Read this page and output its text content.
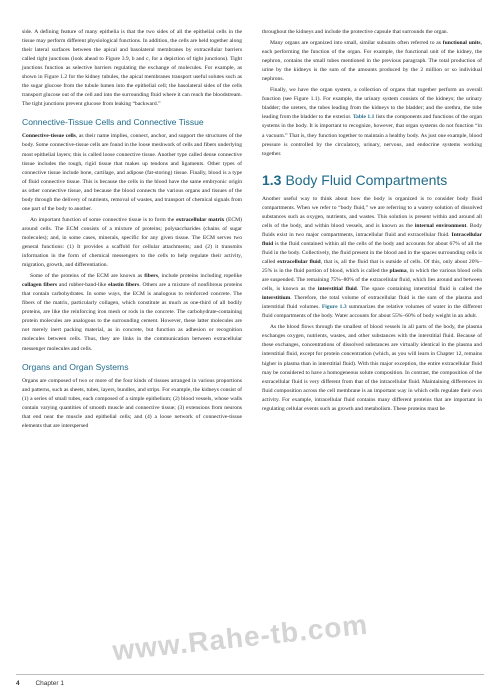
side. A defining feature of many epithelia is that the two sides of all the epithelial cells in the tissue may perform different physiological functions. In addition, the cells are held together along their lateral surfaces between the apical and basolateral membranes by extracellular barriers called tight junctions (look ahead to Figure 3.9, b and c, for a depiction of tight junctions). Tight junctions function as selective barriers regulating the exchange of molecules. For example, as shown in Figure 1.2 for the kidney tubules, the apical membranes transport useful solutes such as the sugar glucose from the tubule lumen into the epithelial cell; the basolateral sides of the cells transport glucose out of the cell and into the surrounding fluid where it can reach the bloodstream. The tight junctions prevent glucose from leaking “backward.”

Connective-Tissue Cells and Connective Tissue

Connective-tissue cells, as their name implies, connect, anchor, and support the structures of the body. Some connective-tissue cells are found in the loose meshwork of cells and fibers underlying most epithelial layers; this is called loose connective tissue. Another type called dense connective tissue includes the tough, rigid tissue that makes up tendons and ligaments. Other types of connective tissue include bone, cartilage, and adipose (fat-storing) tissue. Finally, blood is a type of fluid connective tissue. This is because the cells in the blood have the same embryonic origin as other connective tissue, and because the blood connects the various organs and tissues of the body through the delivery of nutrients, removal of wastes, and transport of chemical signals from one part of the body to another.

An important function of some connective tissue is to form the extracellular matrix (ECM) around cells. The ECM consists of a mixture of proteins; polysaccharides (chains of sugar molecules); and, in some cases, minerals, specific for any given tissue. The ECM serves two general functions: (1) It provides a scaffold for cellular attachments; and (2) it transmits information in the form of chemical messengers to the cells to help regulate their activity, migration, growth, and differentiation.

Some of the proteins of the ECM are known as fibers, include proteins including ropelike collagen fibers and rubber-band-like elastin fibers. Others are a mixture of nonfibrous proteins that contain carbohydrates. In some ways, the ECM is analogous to reinforced concrete. The fibers of the matrix, particularly collagen, which constitute as much as one-third of all bodily proteins, are like the reinforcing iron mesh or rods in the concrete. The carbohydrate-containing protein molecules are analogous to the surrounding cement. However, these latter molecules are not merely inert packing material, as in concrete, but function as adhesion or recognition molecules between cells. Thus, they are links in the communication between extracellular messenger molecules and cells.

Organs and Organ Systems

Organs are composed of two or more of the four kinds of tissues arranged in various proportions and patterns, such as sheets, tubes, layers, bundles, and strips. For example, the kidneys consist of (1) a series of small tubes, each composed of a simple epithelium; (2) blood vessels, whose walls contain varying quantities of smooth muscle and connective tissue; (3) extensions from neurons that end near the muscle and epithelial cells; and (4) a loose network of connective-tissue elements that are interspersed

throughout the kidneys and include the protective capsule that surrounds the organ.

Many organs are organized into small, similar subunits often referred to as functional units, each performing the function of the organ. For example, the functional unit of the kidney, the nephron, contains the small tubes mentioned in the previous paragraph. The total production of urine by the kidneys is the sum of the amounts produced by the 2 million or so individual nephrons.

Finally, we have the organ system, a collection of organs that together perform an overall function (see Figure 1.1). For example, the urinary system consists of the kidneys; the urinary bladder; the ureters, the tubes leading from the kidneys to the bladder; and the urethra, the tube leading from the bladder to the exterior. Table 1.1 lists the components and functions of the organ systems in the body. It is important to recognize, however, that organ systems do not function “in a vacuum.” That is, they function together to maintain a healthy body. As just one example, blood pressure is controlled by the circulatory, urinary, nervous, and endocrine systems working together.

1.3 Body Fluid Compartments

Another useful way to think about how the body is organized is to consider body fluid compartments. When we refer to “body fluid,” we are referring to a watery solution of dissolved substances such as oxygen, nutrients, and wastes. This solution is present within and around all cells of the body, and within blood vessels, and is known as the internal environment. Body fluids exist in two major compartments, intracellular fluid and extracellular fluid. Intracellular fluid is the fluid contained within all the cells of the body and accounts for about 67% of all the fluid in the body. Collectively, the fluid present in the blood and in the spaces surrounding cells is called extracellular fluid, that is, all the fluid that is outside of cells. Of this, only about 20%–25% is in the fluid portion of blood, which is called the plasma, in which the various blood cells are suspended. The remaining 75%–80% of the extracellular fluid, which lies around and between cells, is known as the interstitial fluid. The space containing interstitial fluid is called the interstitium. Therefore, the total volume of extracellular fluid is the sum of the plasma and interstitial fluid volumes. Figure 1.3 summarizes the relative volumes of water in the different fluid compartments of the body. Water accounts for about 55%–60% of body weight in an adult.

As the blood flows through the smallest of blood vessels in all parts of the body, the plasma exchanges oxygen, nutrients, wastes, and other substances with the interstitial fluid. Because of these exchanges, concentrations of dissolved substances are virtually identical in the plasma and interstitial fluid, except for protein concentration (which, as you will learn in Chapter 12, remains higher in plasma than in interstitial fluid). With this major exception, the entire extracellular fluid may be considered to have a homogeneous solute composition. In contrast, the composition of the extracellular fluid is very different from that of the intracellular fluid. Maintaining differences in fluid composition across the cell membrane is an important way in which cells regulate their own activity. For example, intracellular fluid contains many different proteins that are important in regulating cellular events such as growth and metabolism. These proteins must be

www.Rahe-tb.com
4 Chapter 1
